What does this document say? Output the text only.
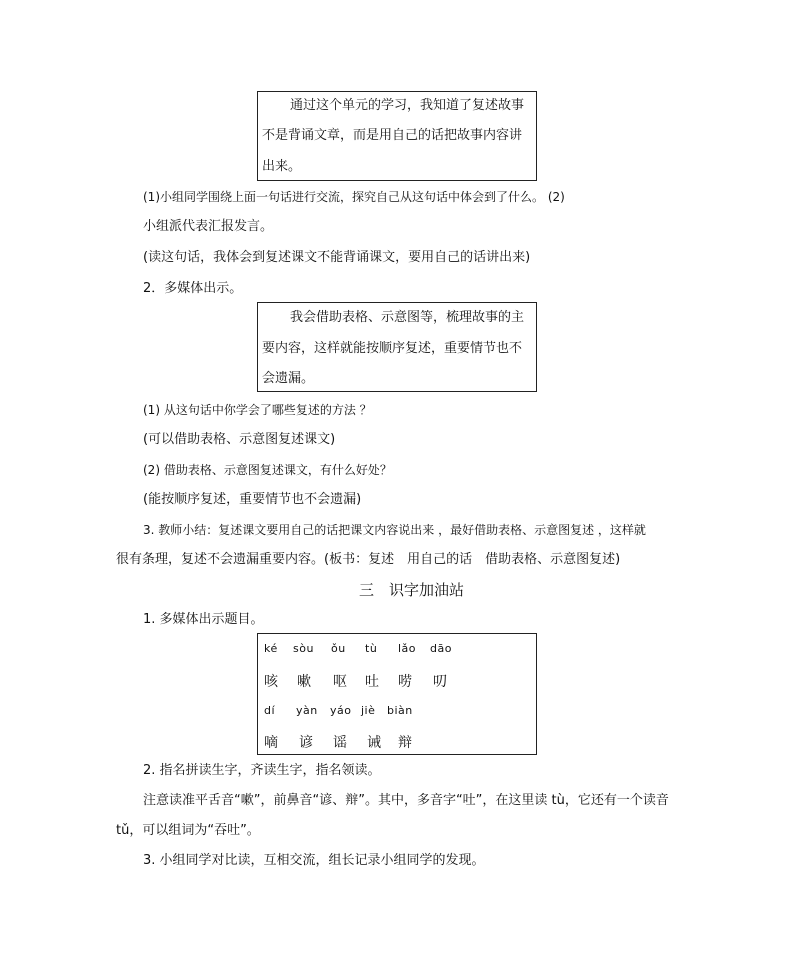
通过这个单元的学习，我知道了复述故事
不是背诵文章，而是用自己的话把故事内容讲
出来。
(1)小组同学围绕上面一句话进行交流，探究自己从这句话中体会到了什么。 (2)
小组派代表汇报发言。
(读这句话，我体会到复述课文不能背诵课文，要用自己的话讲出来)
2．多媒体出示。
我会借助表格、示意图等，梳理故事的主
要内容，这样就能按顺序复述，重要情节也不
会遗漏。
(1) 从这句话中你学会了哪些复述的方法 ？
(可以借助表格、示意图复述课文)
(2) 借助表格、示意图复述课文，有什么好处？
(能按顺序复述，重要情节也不会遗漏)
3. 教师小结：复述课文要用自己的话把课文内容说出来 ，最好借助表格、示意图复述 ，这样就
很有条理，复述不会遗漏重要内容。(板书：复述　用自己的话　借助表格、示意图复述)
三　识字加油站
1. 多媒体出示题目。
ké sòu ǒu tù lǎo dāo
咳 嗽 呕 吐 唠 叨
dí yàn yáo jiè biàn
嘀 谚 谣 诫 辩
2. 指名拼读生字，齐读生字，指名领读。
注意读准平舌音“嗽”，前鼻音“谚、辩”。其中，多音字“吐”，在这里读 tù，它还有一个读音
tǔ，可以组词为“吞吐”。
3. 小组同学对比读，互相交流，组长记录小组同学的发现。
